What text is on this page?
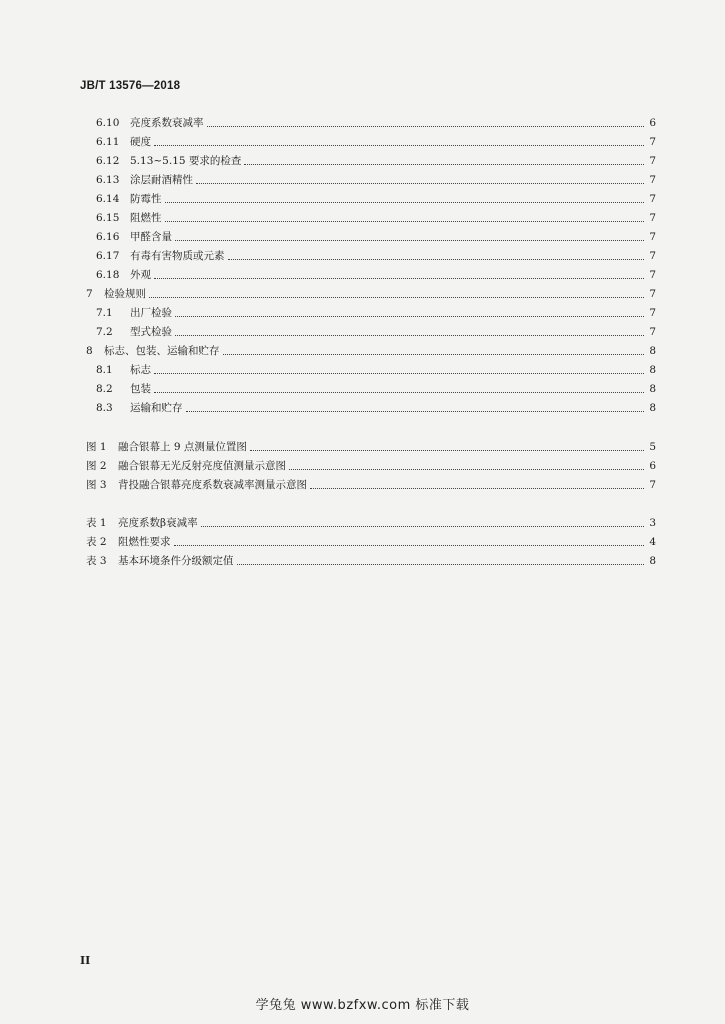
JB/T 13576—2018
6.10	亮度系数衰减率	6
6.11	硬度	7
6.12	5.13~5.15 要求的检查	7
6.13	涂层耐酒精性	7
6.14	防霉性	7
6.15	阻燃性	7
6.16	甲醛含量	7
6.17	有毒有害物质或元素	7
6.18	外观	7
7	检验规则	7
7.1	出厂检验	7
7.2	型式检验	7
8	标志、包装、运输和贮存	8
8.1	标志	8
8.2	包装	8
8.3	运输和贮存	8
图 1	融合银幕上 9 点测量位置图	5
图 2	融合银幕无光反射亮度值测量示意图	6
图 3	背投融合银幕亮度系数衰减率测量示意图	7
表 1	亮度系数β衰减率	3
表 2	阻燃性要求	4
表 3	基本环境条件分级额定值	8
II
学兔兔 www.bzfxw.com 标准下载
